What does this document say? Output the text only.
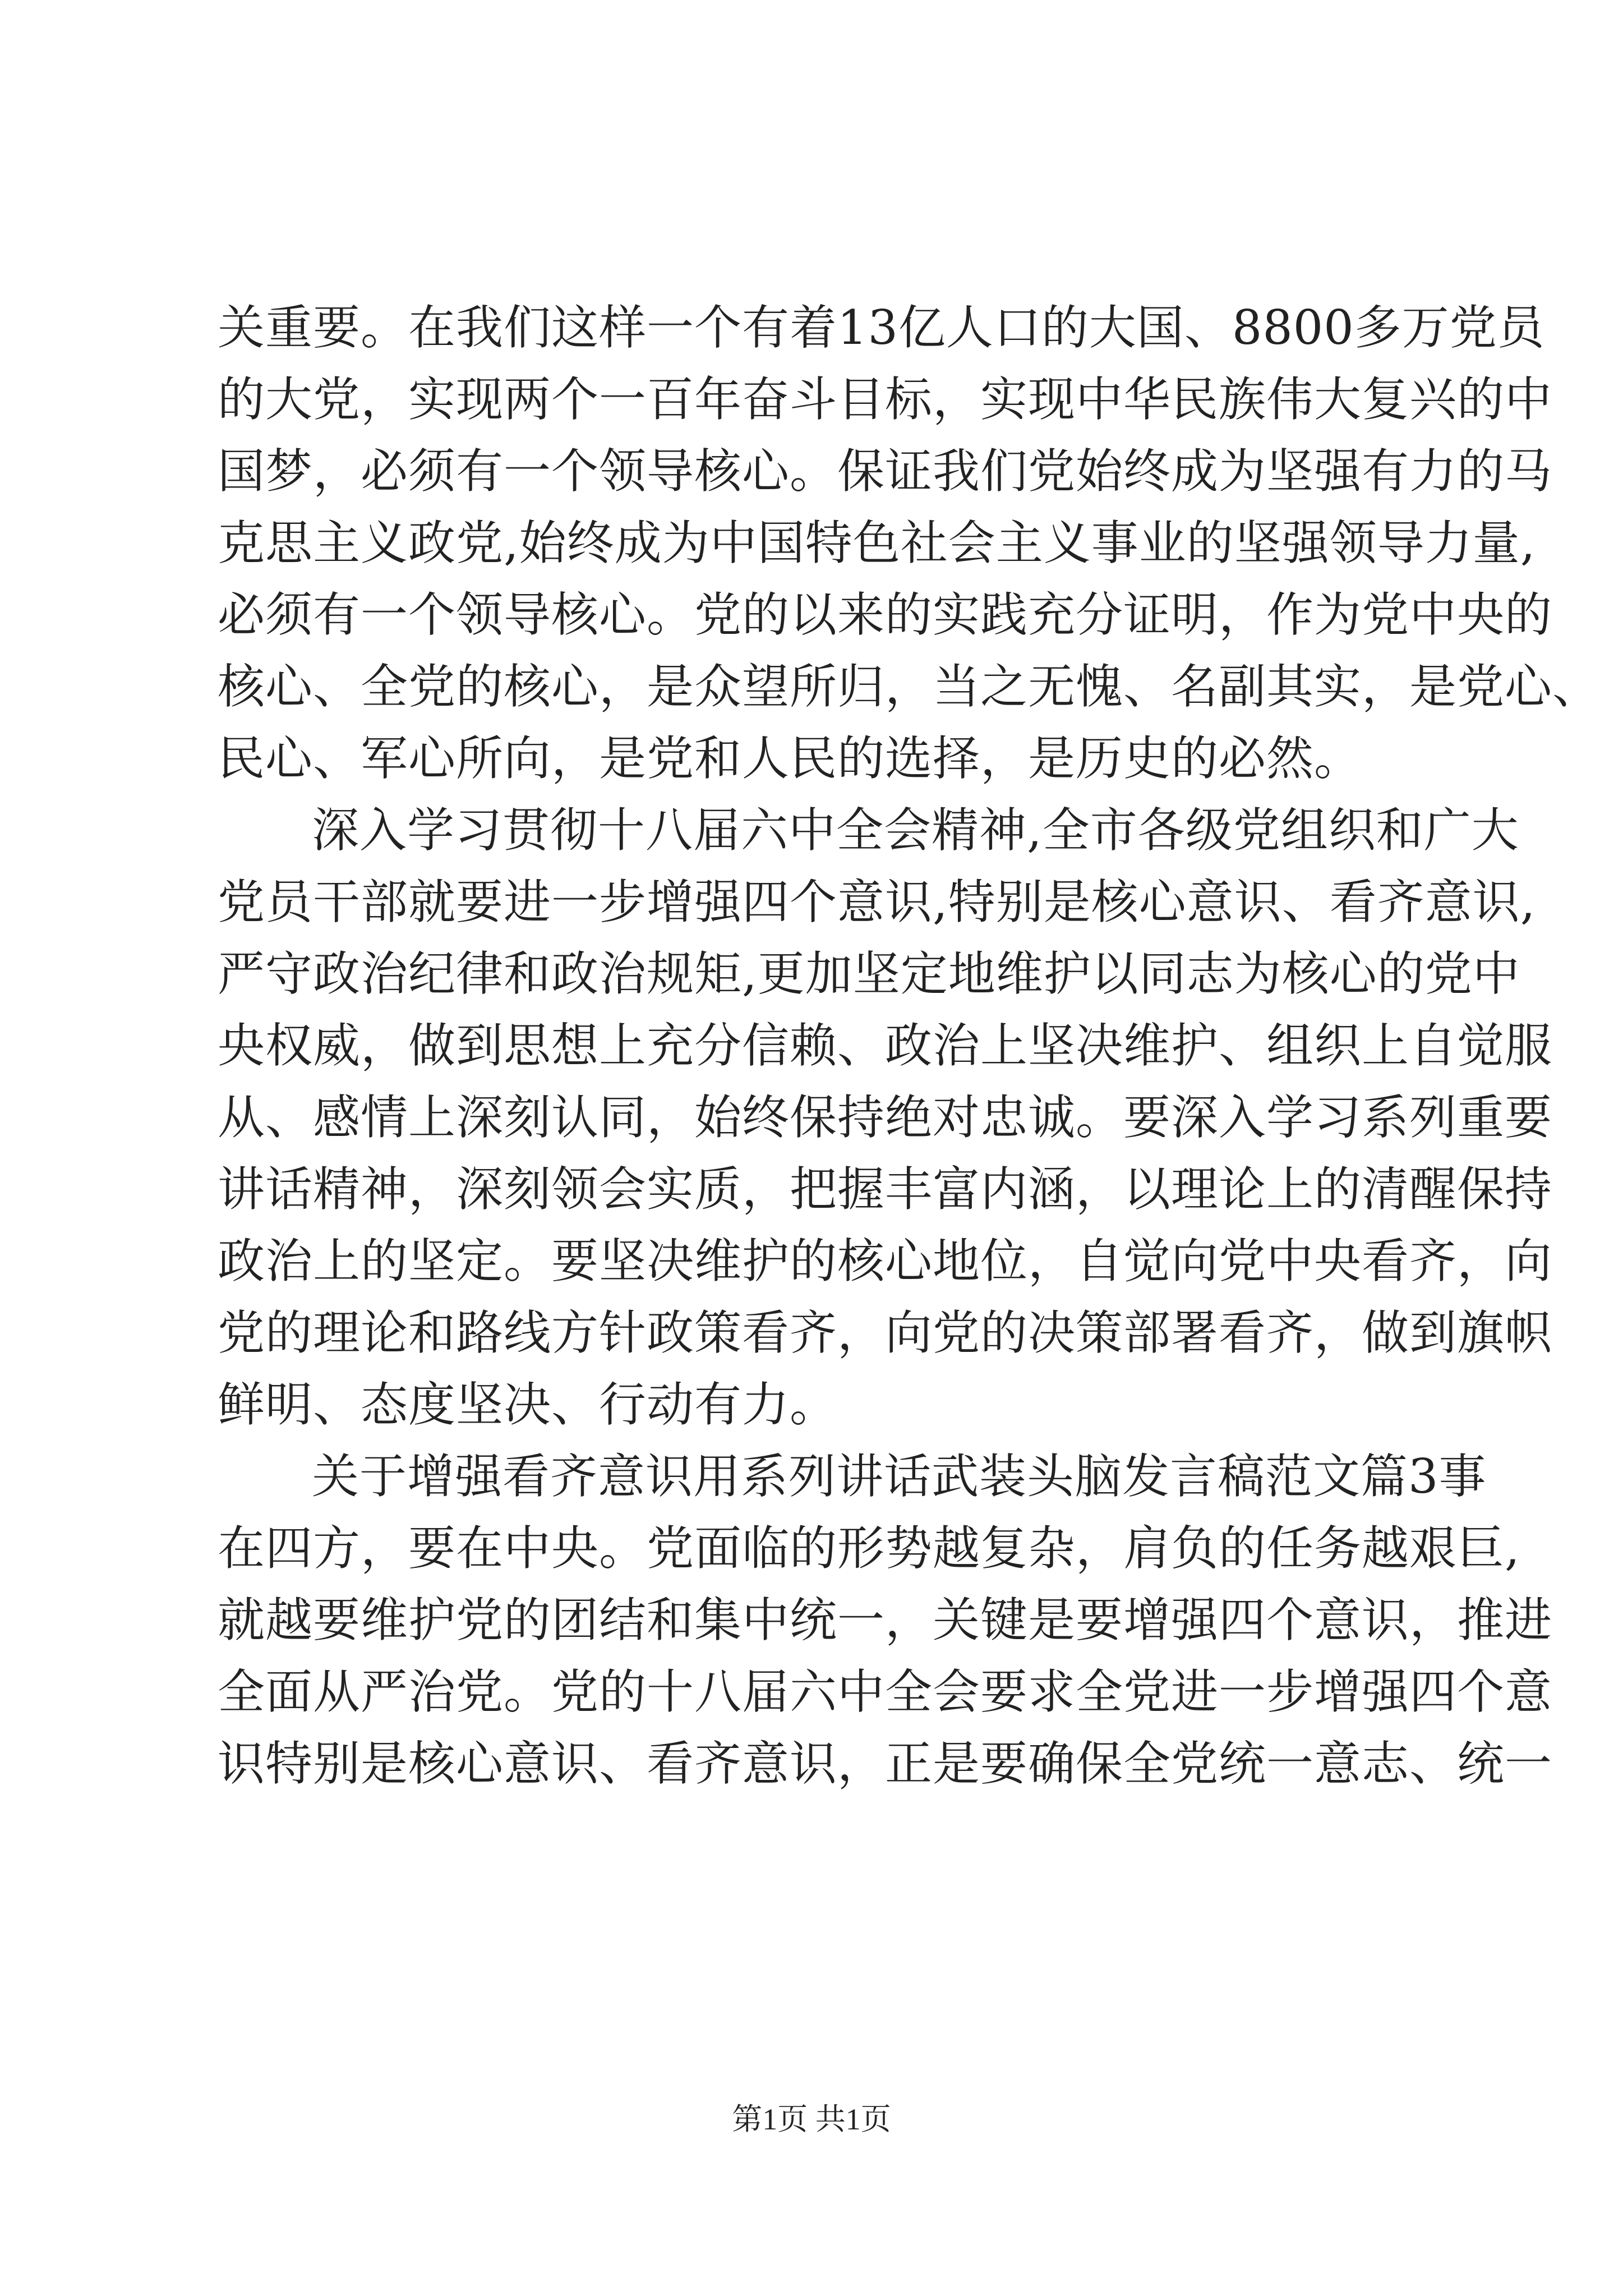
关重要。在我们这样一个有着13亿人口的大国、8800多万党员
的大党，实现两个一百年奋斗目标，实现中华民族伟大复兴的中
国梦，必须有一个领导核心。保证我们党始终成为坚强有力的马
克思主义政党,始终成为中国特色社会主义事业的坚强领导力量,
必须有一个领导核心。党的以来的实践充分证明，作为党中央的
核心、全党的核心，是众望所归，当之无愧、名副其实，是党心、
民心、军心所向，是党和人民的选择，是历史的必然。
深入学习贯彻十八届六中全会精神,全市各级党组织和广大
党员干部就要进一步增强四个意识,特别是核心意识、看齐意识,
严守政治纪律和政治规矩,更加坚定地维护以同志为核心的党中
央权威，做到思想上充分信赖、政治上坚决维护、组织上自觉服
从、感情上深刻认同，始终保持绝对忠诚。要深入学习系列重要
讲话精神，深刻领会实质，把握丰富内涵，以理论上的清醒保持
政治上的坚定。要坚决维护的核心地位，自觉向党中央看齐，向
党的理论和路线方针政策看齐，向党的决策部署看齐，做到旗帜
鲜明、态度坚决、行动有力。
关于增强看齐意识用系列讲话武装头脑发言稿范文篇3事
在四方，要在中央。党面临的形势越复杂，肩负的任务越艰巨,
就越要维护党的团结和集中统一，关键是要增强四个意识，推进
全面从严治党。党的十八届六中全会要求全党进一步增强四个意
识特别是核心意识、看齐意识，正是要确保全党统一意志、统一
第1页 共1页
